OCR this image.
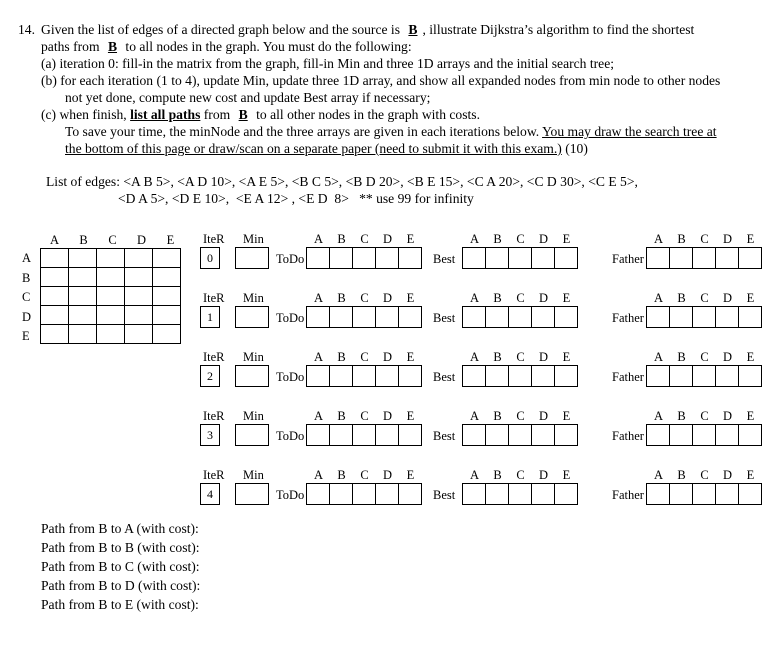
14. Given the list of edges of a directed graph below and the source is B , illustrate Dijkstra’s algorithm to find the shortest
paths from B to all nodes in the graph. You must do the following:
(a) iteration 0: fill-in the matrix from the graph, fill-in Min and three 1D arrays and the initial search tree;
(b) for each iteration (1 to 4), update Min, update three 1D array, and show all expanded nodes from min node to other nodes
not yet done, compute new cost and update Best array if necessary;
(c) when finish, list all paths from B to all other nodes in the graph with costs.
To save your time, the minNode and the three arrays are given in each iterations below. You may draw the search tree at
the bottom of this page or draw/scan on a separate paper (need to submit it with this exam.) (10)
List of edges: <A B 5>, <A D 10>, <A E 5>, <B C 5>, <B D 20>, <B E 15>, <C A 20>, <C D 30>, <C E 5>,
<D A 5>, <D E 10>,  <E A 12> , <E D  8>   ** use 99 for infinity
A	B	C	D	E
A
B
C
D
E

IteR Min
0
A	B	C	D	E
ToDo
A	B	C	D	E
Best
A	B	C	D	E
Father
IteR Min
1
A	B	C	D	E
ToDo
A	B	C	D	E
Best
A	B	C	D	E
Father
IteR Min
2
A	B	C	D	E
ToDo
A	B	C	D	E
Best
A	B	C	D	E
Father
IteR Min
3
A	B	C	D	E
ToDo
A	B	C	D	E
Best
A	B	C	D	E
Father
IteR Min
4
A	B	C	D	E
ToDo
A	B	C	D	E
Best
A	B	C	D	E
Father
Path from B to A (with cost):
Path from B to B (with cost):
Path from B to C (with cost):
Path from B to D (with cost):
Path from B to E (with cost):
